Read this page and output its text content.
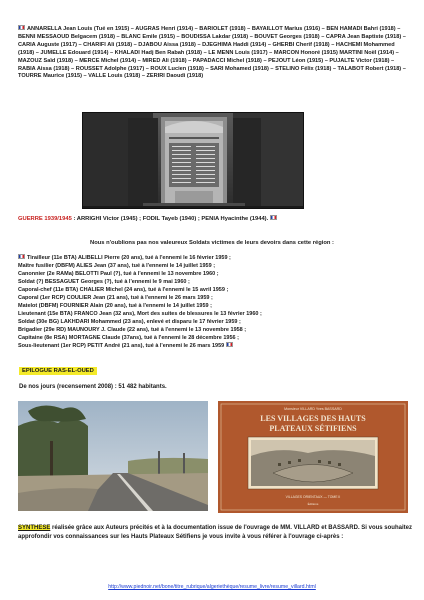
ANNARELLA Jean Louis (Tué en 1915) – AUGRAS Henri (1914) – BARIOLET (1918) – BAYAILLOT Marius (1916) – BEN HAMADI Bahri (1918) – BENNI MESSAOUD Belgacem (1918) – BLANC Emile (1915) – BOUDISSA Lakdar (1918) – BOUVET Georges (1918) – CAPRA Jean Baptiste (1918) – CARIA Auguste (1917) – CHARIFI Ali (1918) – DJABOU Aissa (1918) – DJEGHIMA Haddi (1914) – GHERBI Cherif (1918) – HACHEMI Mohammed (1918) – JUMELLE Edouard (1914) – KHALADI Hadj Ben Rabah (1918) – LE MENN Louis (1917) – MARCON Honoré (1915) MARTINI Noël (1914) – MAZOUZ Saïd (1918) – MERCE Michel (1914) – MIRED Ali (1918) – PAPADACCI Michel (1918) – PEJOUT Léon (1915) – PUJALTE Victor (1918) – RABIA Aissa (1918) – ROUSSET Adolphe (1917) – ROUX Lucien (1918) – SARI Mohamed (1918) – STELINO Félix (1918) – TALABOT Robert (1918) – TOURRE Maurice (1915) – VALLE Louis (1918) – ZERIRI Daoudi (1918)
GUERRE 1939/1945 : ARRIGHI Victor (1945) ; FODIL Tayeb (1940) ; PENIA Hyacinthe (1944).
Nous n'oublions pas nos valeureux Soldats victimes de leurs devoirs dans cette région :
Tirailleur (11e BTA) ALIBELLI Pierre (20 ans), tué à l'ennemi le 16 février 1959 ;
Maître fusilier (DBFM) ALIES Jean (37 ans), tué à l'ennemi le 14 juillet 1959 ;
Canonnier (2e RAMa) BELOTTI Paul (?), tué à l'ennemi le 13 novembre 1960 ;
Soldat (?) BESSAGUET Georges (?), tué à l'ennemi le 9 mai 1960 ;
Caporal-chef (11e BTA) CHALIER Michel (24 ans), tué à l'ennemi le 15 avril 1959 ;
Caporal (1er RCP) COULIER Jean (21 ans), tué à l'ennemi le 26 mars 1959 ;
Matelot (DBFM) FOURNIER Alain (20 ans), tué à l'ennemi le 14 juillet 1959 ;
Lieutenant (15e BTA) FRANCO Jean (32 ans), Mort des suites de blessures le 13 février 1960 ;
Soldat (30e BG) LAKHDARI Mohammed (23 ans), enlevé et disparu le 17 février 1959 ;
Brigadier (29e RD) MAUNOURY J. Claude (22 ans), tué à l'ennemi le 13 novembre 1958 ;
Capitaine (8e RSA) MORTAGNE Claude (37ans), tué à l'ennemi le 28 décembre 1956 ;
Sous-lieutenant (1er RCP) PETIT André (21 ans), tué à l'ennemi le 26 mars 1959
EPILOGUE RAS-EL-OUED
De nos jours (recensement 2008) : 51 482 habitants.
Monsieur VILLARD Yves BASSARD
LES VILLAGES DES HAUTS
PLATEAUX SÉTIFIENS
VILLAGES ORIENTAUX — TOME II
Éditions
SYNTHESE réalisée grâce aux Auteurs précités et à la documentation issue de l'ouvrage de MM. VILLARD et BASSARD. Si vous souhaitez approfondir vos connaissances sur les Hauts Plateaux Sétifiens je vous invite à vous référer à l'ouvrage ci-après :
http://www.piednoir.net/bone/titre_rubrique/algeriethèque/resume_livre/resume_villard.html
